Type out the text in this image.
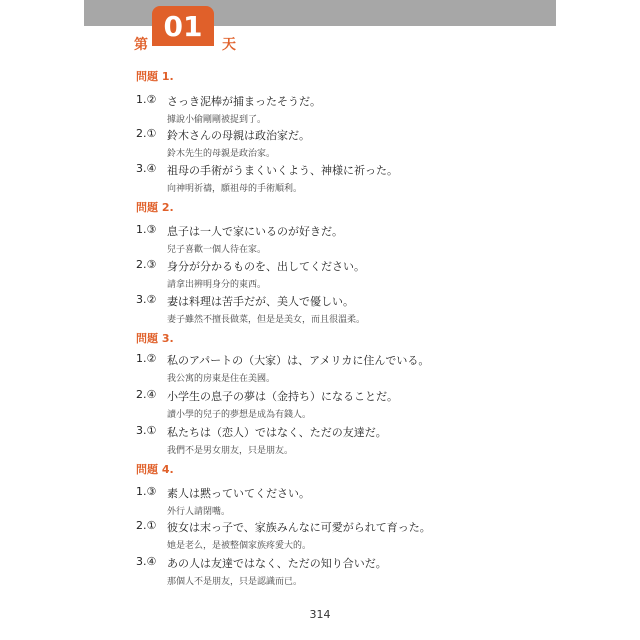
第
01
天
問題 1.
1.② さっき泥棒が捕まったそうだ。
據說小偷剛剛被捉到了。
2.① 鈴木さんの母親は政治家だ。
鈴木先生的母親是政治家。
3.④ 祖母の手術がうまくいくよう、神様に祈った。
向神明祈禱，願祖母的手術順利。
問題 2.
1.③ 息子は一人で家にいるのが好きだ。
兒子喜歡一個人待在家。
2.③ 身分が分かるものを、出してください。
請拿出辨明身分的東西。
3.② 妻は料理は苦手だが、美人で優しい。
妻子雖然不擅長做菜，但是是美女，而且很溫柔。
問題 3.
1.② 私のアパートの（大家）は、アメリカに住んでいる。
我公寓的房東是住在美國。
2.④ 小学生の息子の夢は（金持ち）になることだ。
讀小學的兒子的夢想是成為有錢人。
3.① 私たちは（恋人）ではなく、ただの友達だ。
我們不是男女朋友，只是朋友。
問題 4.
1.③ 素人は黙っていてください。
外行人請閉嘴。
2.① 彼女は末っ子で、家族みんなに可愛がられて育った。
她是老么，是被整個家族疼愛大的。
3.④ あの人は友達ではなく、ただの知り合いだ。
那個人不是朋友，只是認識而已。
314
